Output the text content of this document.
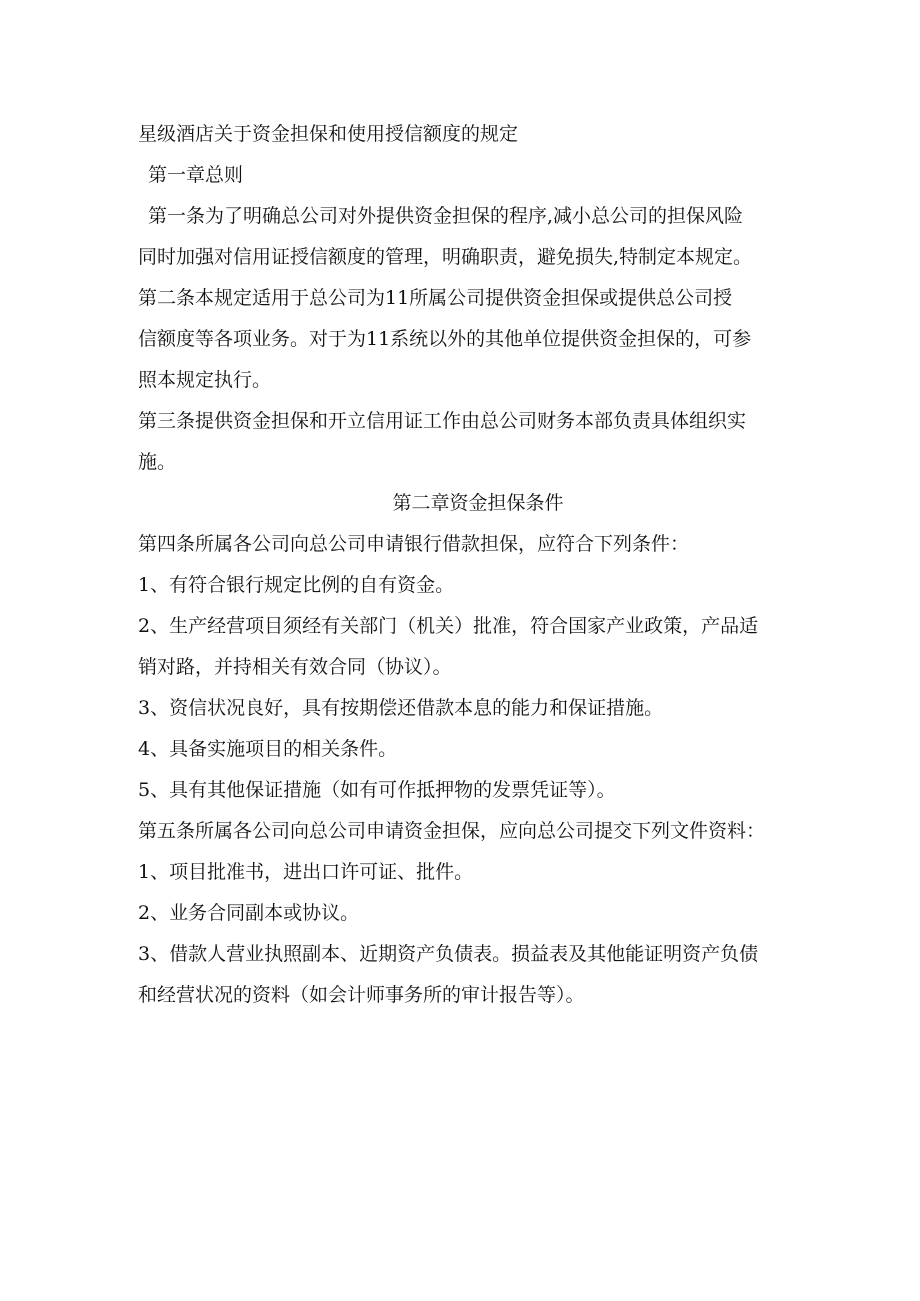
星级酒店关于资金担保和使用授信额度的规定
第一章总则
第一条为了明确总公司对外提供资金担保的程序,减小总公司的担保风险
同时加强对信用证授信额度的管理，明确职责，避免损失,特制定本规定。
第二条本规定适用于总公司为11所属公司提供资金担保或提供总公司授
信额度等各项业务。对于为11系统以外的其他单位提供资金担保的，可参
照本规定执行。
第三条提供资金担保和开立信用证工作由总公司财务本部负责具体组织实
施。
第二章资金担保条件
第四条所属各公司向总公司申请银行借款担保，应符合下列条件：
1、有符合银行规定比例的自有资金。
2、生产经营项目须经有关部门（机关）批准，符合国家产业政策，产品适
销对路，并持相关有效合同（协议）。
3、资信状况良好，具有按期偿还借款本息的能力和保证措施。
4、具备实施项目的相关条件。
5、具有其他保证措施（如有可作抵押物的发票凭证等）。
第五条所属各公司向总公司申请资金担保，应向总公司提交下列文件资料：
1、项目批准书，进出口许可证、批件。
2、业务合同副本或协议。
3、借款人营业执照副本、近期资产负债表。损益表及其他能证明资产负债
和经营状况的资料（如会计师事务所的审计报告等）。
